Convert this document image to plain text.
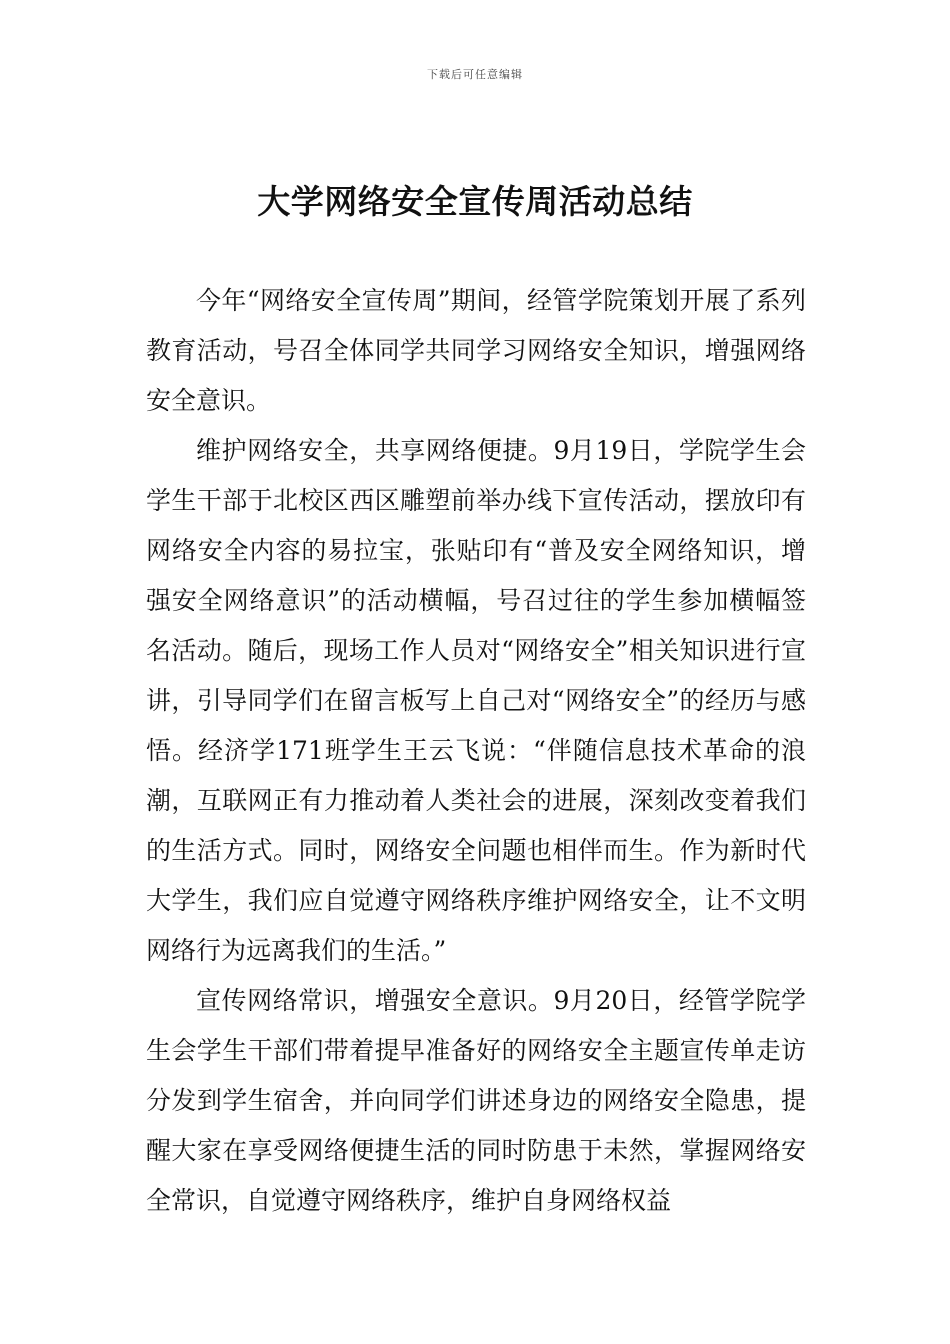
下载后可任意编辑
大学网络安全宣传周活动总结

今年“网络安全宣传周”期间，经管学院策划开展了系列教育活动，号召全体同学共同学习网络安全知识，增强网络安全意识。

维护网络安全，共享网络便捷。9月19日，学院学生会学生干部于北校区西区雕塑前举办线下宣传活动，摆放印有网络安全内容的易拉宝，张贴印有“普及安全网络知识，增强安全网络意识”的活动横幅，号召过往的学生参加横幅签名活动。随后，现场工作人员对“网络安全”相关知识进行宣讲，引导同学们在留言板写上自己对“网络安全”的经历与感悟。经济学171班学生王云飞说：“伴随信息技术革命的浪潮，互联网正有力推动着人类社会的进展，深刻改变着我们的生活方式。同时，网络安全问题也相伴而生。作为新时代大学生，我们应自觉遵守网络秩序维护网络安全，让不文明网络行为远离我们的生活。”

宣传网络常识，增强安全意识。9月20日，经管学院学生会学生干部们带着提早准备好的网络安全主题宣传单走访分发到学生宿舍，并向同学们讲述身边的网络安全隐患，提醒大家在享受网络便捷生活的同时防患于未然，掌握网络安全常识，自觉遵守网络秩序，维护自身网络权益
